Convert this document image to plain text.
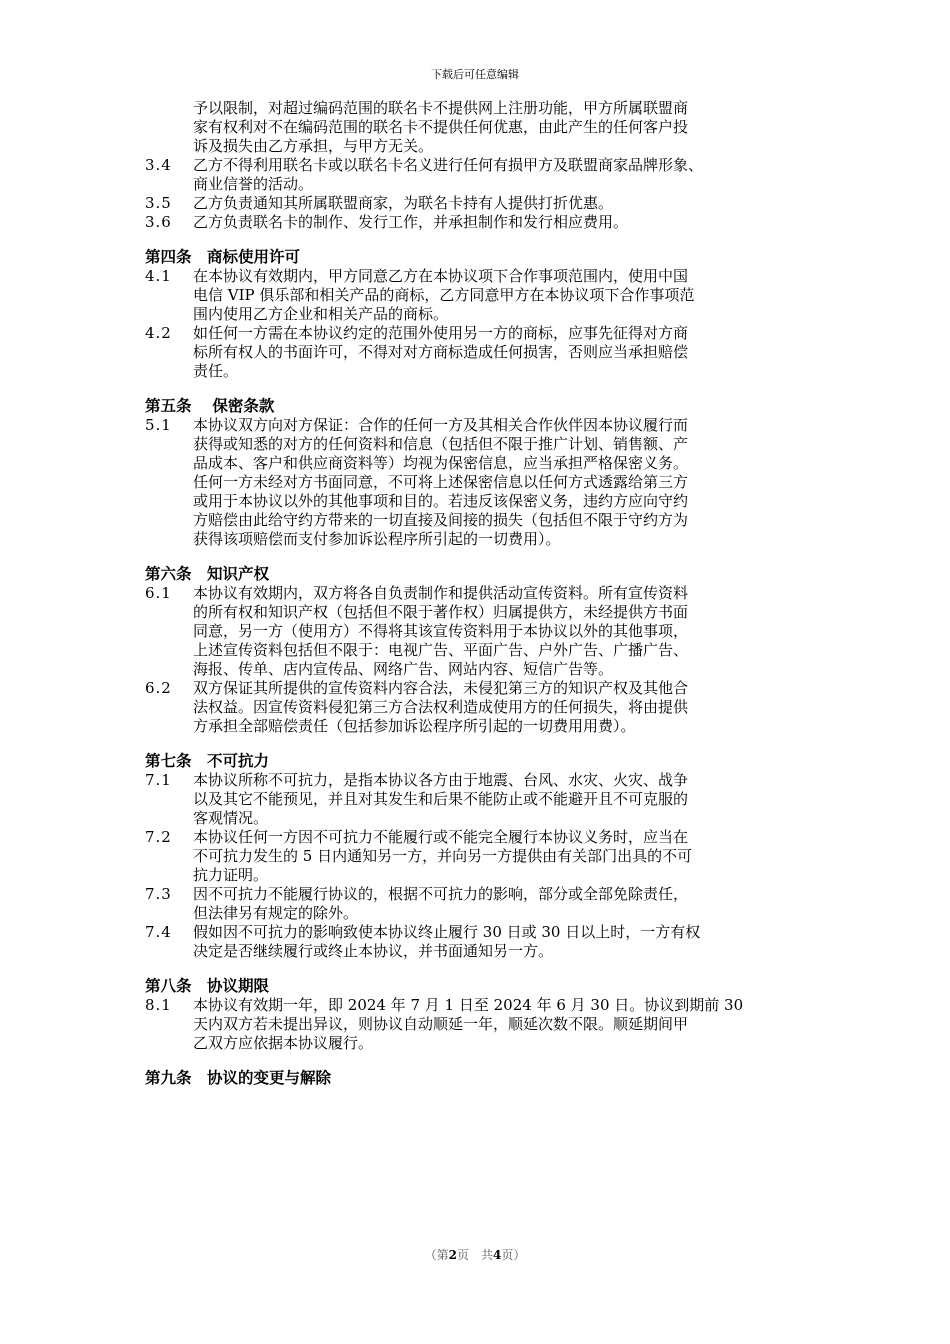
下载后可任意编辑
予以限制，对超过编码范围的联名卡不提供网上注册功能，甲方所属联盟商
家有权利对不在编码范围的联名卡不提供任何优惠，由此产生的任何客户投
诉及损失由乙方承担，与甲方无关。
3.4	乙方不得利用联名卡或以联名卡名义进行任何有损甲方及联盟商家品牌形象、
商业信誉的活动。
3.5	乙方负责通知其所属联盟商家，为联名卡持有人提供打折优惠。
3.6	乙方负责联名卡的制作、发行工作，并承担制作和发行相应费用。
第四条　商标使用许可
4.1	在本协议有效期内，甲方同意乙方在本协议项下合作事项范围内，使用中国
电信 VIP 俱乐部和相关产品的商标，乙方同意甲方在本协议项下合作事项范
围内使用乙方企业和相关产品的商标。
4.2	如任何一方需在本协议约定的范围外使用另一方的商标，应事先征得对方商
标所有权人的书面许可，不得对对方商标造成任何损害，否则应当承担赔偿
责任。
第五条　 保密条款
5.1	本协议双方向对方保证：合作的任何一方及其相关合作伙伴因本协议履行而
获得或知悉的对方的任何资料和信息（包括但不限于推广计划、销售额、产
品成本、客户和供应商资料等）均视为保密信息，应当承担严格保密义务。
任何一方未经对方书面同意，不可将上述保密信息以任何方式透露给第三方
或用于本协议以外的其他事项和目的。若违反该保密义务，违约方应向守约
方赔偿由此给守约方带来的一切直接及间接的损失（包括但不限于守约方为
获得该项赔偿而支付参加诉讼程序所引起的一切费用）。
第六条　知识产权
6.1	本协议有效期内，双方将各自负责制作和提供活动宣传资料。所有宣传资料
的所有权和知识产权（包括但不限于著作权）归属提供方，未经提供方书面
同意，另一方（使用方）不得将其该宣传资料用于本协议以外的其他事项，
上述宣传资料包括但不限于：电视广告、平面广告、户外广告、广播广告、
海报、传单、店内宣传品、网络广告、网站内容、短信广告等。
6.2	双方保证其所提供的宣传资料内容合法，未侵犯第三方的知识产权及其他合
法权益。因宣传资料侵犯第三方合法权利造成使用方的任何损失，将由提供
方承担全部赔偿责任（包括参加诉讼程序所引起的一切费用用费）。
第七条　不可抗力
7.1	本协议所称不可抗力，是指本协议各方由于地震、台风、水灾、火灾、战争
以及其它不能预见，并且对其发生和后果不能防止或不能避开且不可克服的
客观情况。
7.2	本协议任何一方因不可抗力不能履行或不能完全履行本协议义务时，应当在
不可抗力发生的 5 日内通知另一方，并向另一方提供由有关部门出具的不可
抗力证明。
7.3	因不可抗力不能履行协议的，根据不可抗力的影响，部分或全部免除责任，
但法律另有规定的除外。
7.4	假如因不可抗力的影响致使本协议终止履行 30 日或 30 日以上时，一方有权
决定是否继续履行或终止本协议，并书面通知另一方。
第八条　协议期限
8.1	本协议有效期一年，即 2024 年 7 月 1 日至 2024 年 6 月 30 日。协议到期前 30
天内双方若未提出异议，则协议自动顺延一年，顺延次数不限。顺延期间甲
乙双方应依据本协议履行。
第九条　协议的变更与解除
（第2页　共4页）
